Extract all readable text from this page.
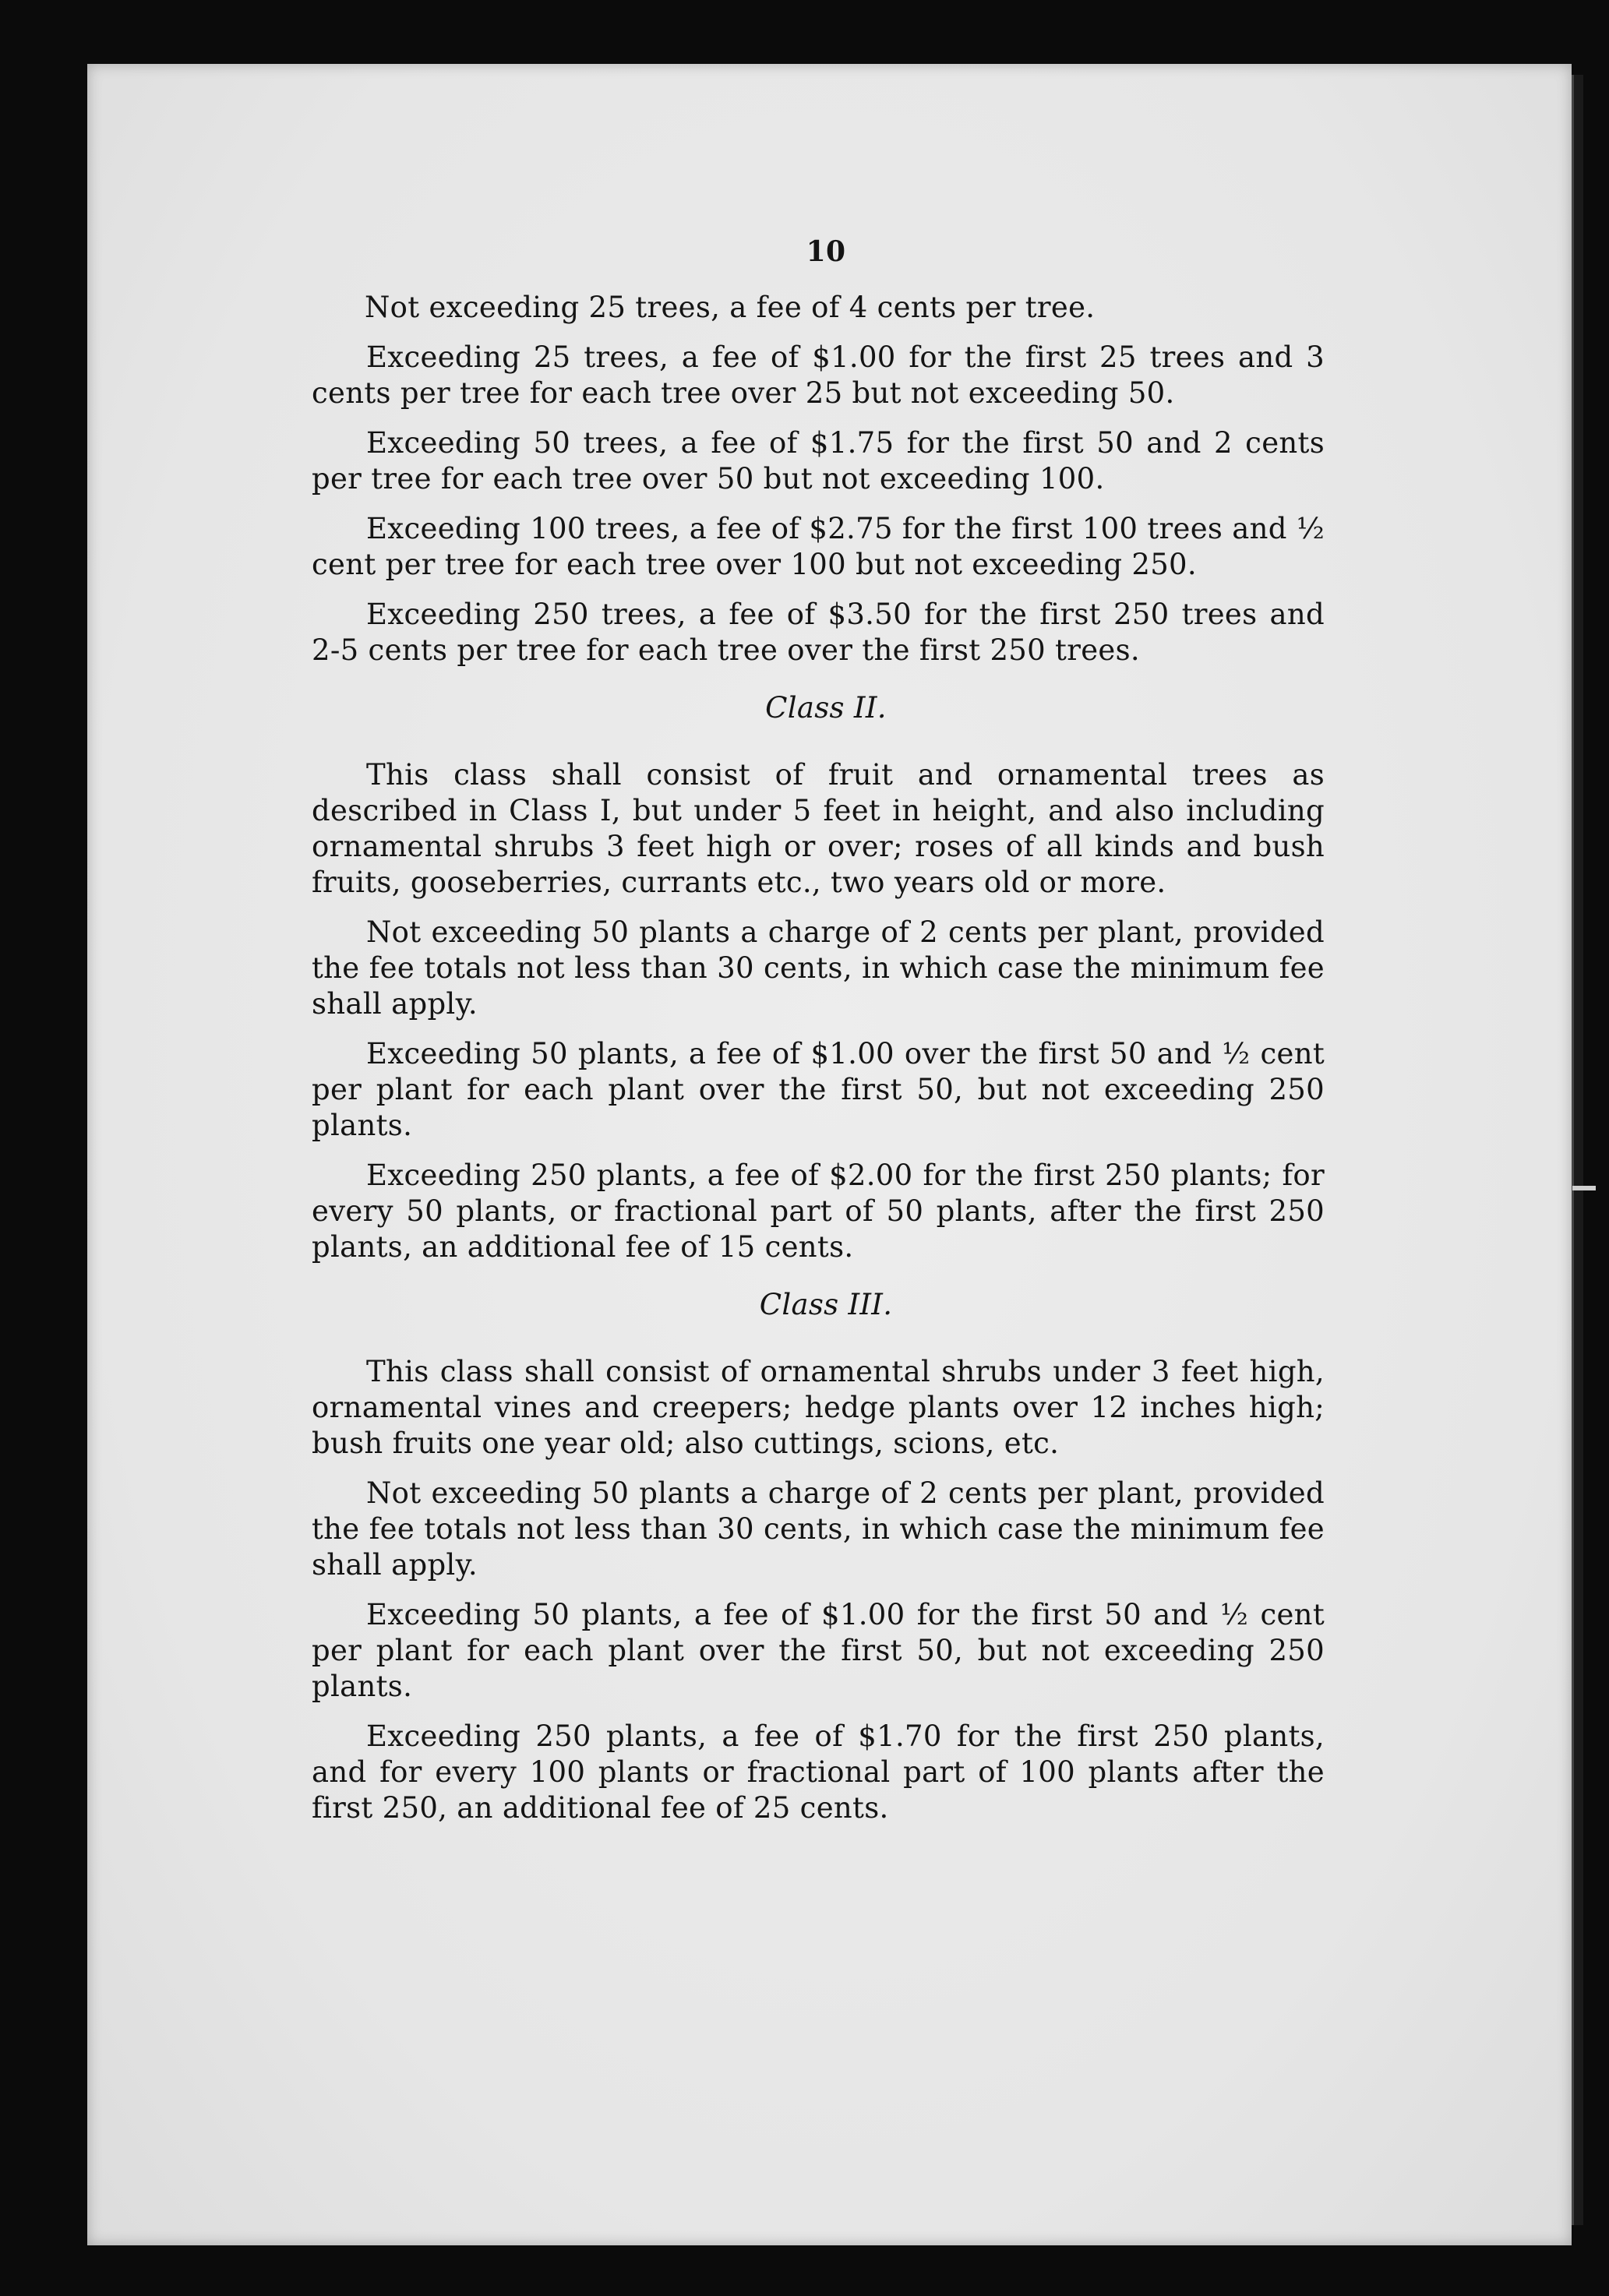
10

Not exceeding 25 trees, a fee of 4 cents per tree.

Exceeding 25 trees, a fee of $1.00 for the first 25 trees and 3 cents per tree for each tree over 25 but not exceeding 50.

Exceeding 50 trees, a fee of $1.75 for the first 50 and 2 cents per tree for each tree over 50 but not exceeding 100.

Exceeding 100 trees, a fee of $2.75 for the first 100 trees and ½ cent per tree for each tree over 100 but not exceeding 250.

Exceeding 250 trees, a fee of $3.50 for the first 250 trees and 2-5 cents per tree for each tree over the first 250 trees.

Class II.

This class shall consist of fruit and ornamental trees as described in Class I, but under 5 feet in height, and also including ornamental shrubs 3 feet high or over; roses of all kinds and bush fruits, gooseberries, currants etc., two years old or more.

Not exceeding 50 plants a charge of 2 cents per plant, provided the fee totals not less than 30 cents, in which case the minimum fee shall apply.

Exceeding 50 plants, a fee of $1.00 over the first 50 and ½ cent per plant for each plant over the first 50, but not exceeding 250 plants.

Exceeding 250 plants, a fee of $2.00 for the first 250 plants; for every 50 plants, or fractional part of 50 plants, after the first 250 plants, an additional fee of 15 cents.

Class III.

This class shall consist of ornamental shrubs under 3 feet high, ornamental vines and creepers; hedge plants over 12 inches high; bush fruits one year old; also cuttings, scions, etc.

Not exceeding 50 plants a charge of 2 cents per plant, provided the fee totals not less than 30 cents, in which case the minimum fee shall apply.

Exceeding 50 plants, a fee of $1.00 for the first 50 and ½ cent per plant for each plant over the first 50, but not exceeding 250 plants.

Exceeding 250 plants, a fee of $1.70 for the first 250 plants, and for every 100 plants or fractional part of 100 plants after the first 250, an additional fee of 25 cents.
